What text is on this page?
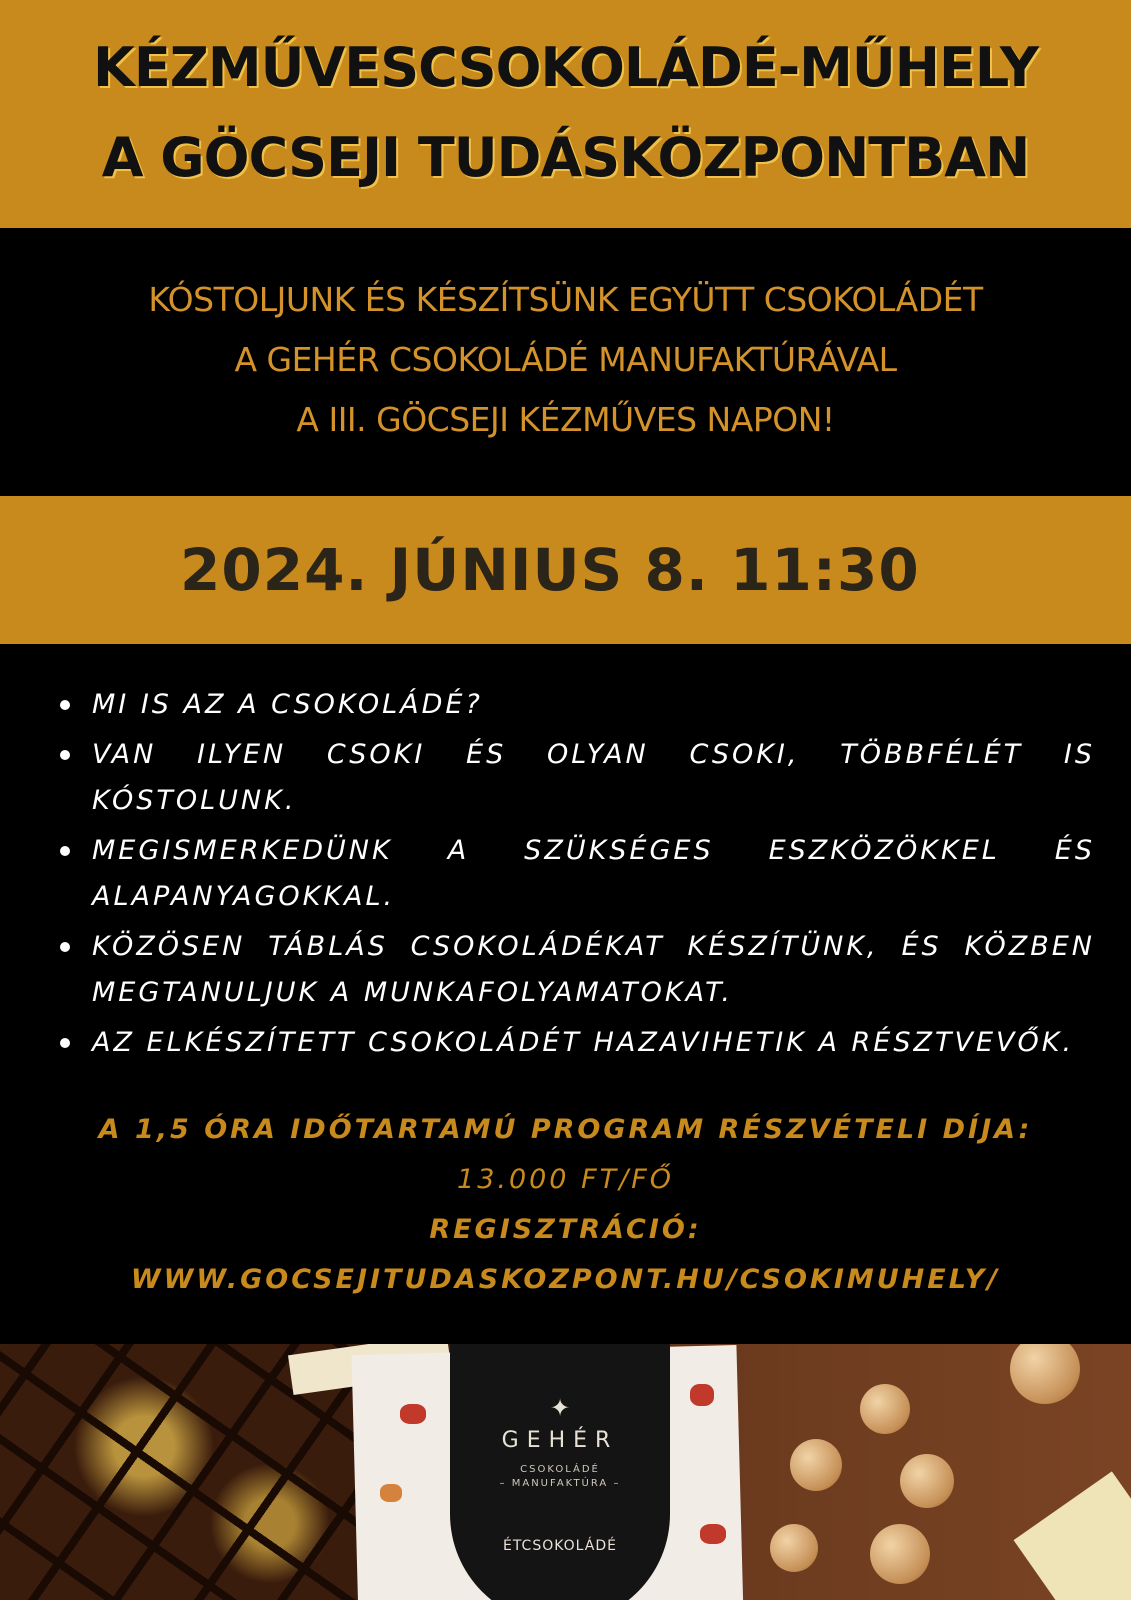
KÉZMŰVESCSOKOLÁDÉ-MŰHELY
A GÖCSEJI TUDÁSKÖZPONTBAN
KÓSTOLJUNK ÉS KÉSZÍTSÜNK EGYÜTT CSOKOLÁDÉT
A GEHÉR CSOKOLÁDÉ MANUFAKTÚRÁVAL
A III. GÖCSEJI KÉZMŰVES NAPON!
2024. JÚNIUS 8. 11:30
MI IS AZ A CSOKOLÁDÉ?
VAN ILYEN CSOKI ÉS OLYAN CSOKI, TÖBBFÉLÉT IS KÓSTOLUNK.
MEGISMERKEDÜNK A SZÜKSÉGES ESZKÖZÖKKEL ÉS ALAPANYAGOKKAL.
KÖZÖSEN TÁBLÁS CSOKOLÁDÉKAT KÉSZÍTÜNK, ÉS KÖZBEN MEGTANULJUK A MUNKAFOLYAMATOKAT.
AZ ELKÉSZÍTETT CSOKOLÁDÉT HAZAVIHETIK A RÉSZTVEVŐK.
A 1,5 ÓRA IDŐTARTAMÚ PROGRAM RÉSZVÉTELI DÍJA:
13.000 FT/FŐ
REGISZTRÁCIÓ:
WWW.GOCSEJITUDASKOZPONT.HU/CSOKIMUHELY/
✦
GEHÉR
CSOKOLÁDÉ
– MANUFAKTÚRA –
ÉTCSOKOLÁDÉ
